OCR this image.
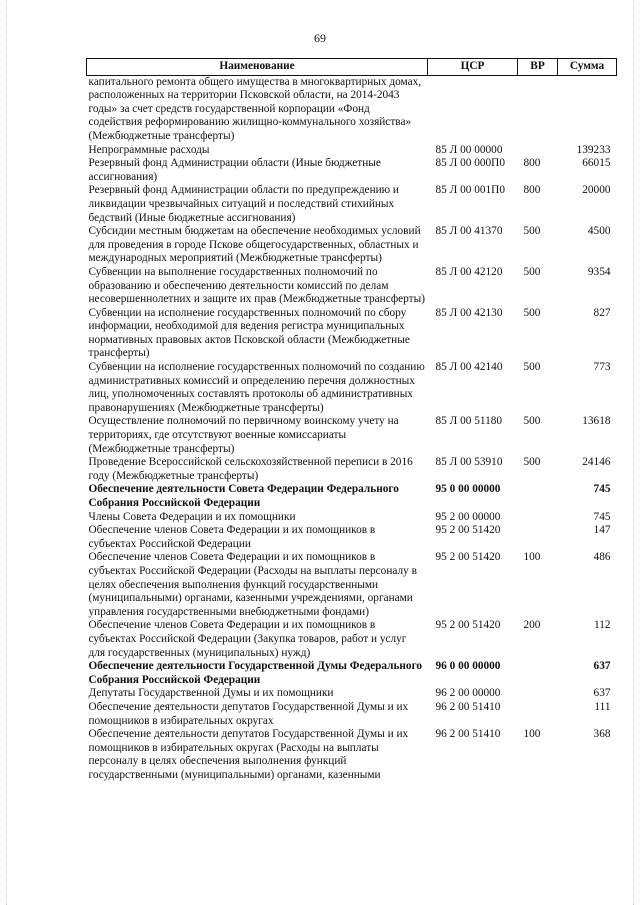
69
Наименование	ЦСР	ВР	Сумма
капитального ремонта общего имущества в многоквартирных домах, расположенных на территории Псковской области, на 2014-2043 годы» за счет средств государственной корпорации «Фонд содействия реформированию жилищно-коммунального хозяйства» (Межбюджетные трансферты)			
Непрограммные расходы	85 Л 00 00000		139233
Резервный фонд Администрации области (Иные бюджетные ассигнования)	85 Л 00 000П0	800	66015
Резервный фонд Администрации области по предупреждению и ликвидации чрезвычайных ситуаций и последствий стихийных бедствий (Иные бюджетные ассигнования)	85 Л 00 001П0	800	20000
Субсидии местным бюджетам на обеспечение необходимых условий для проведения в городе Пскове общегосударственных, областных и международных мероприятий (Межбюджетные трансферты)	85 Л 00 41370	500	4500
Субвенции на выполнение государственных полномочий по образованию и обеспечению деятельности комиссий по делам несовершеннолетних и защите их прав (Межбюджетные трансферты)	85 Л 00 42120	500	9354
Субвенции на исполнение государственных полномочий по сбору информации, необходимой для ведения регистра муниципальных нормативных правовых актов Псковской области (Межбюджетные трансферты)	85 Л 00 42130	500	827
Субвенции на исполнение государственных полномочий по созданию административных комиссий и определению перечня должностных лиц, уполномоченных составлять протоколы об административных правонарушениях (Межбюджетные трансферты)	85 Л 00 42140	500	773
Осуществление полномочий по первичному воинскому учету на территориях, где отсутствуют военные комиссариаты (Межбюджетные трансферты)	85 Л 00 51180	500	13618
Проведение Всероссийской сельскохозяйственной переписи в 2016 году (Межбюджетные трансферты)	85 Л 00 53910	500	24146
Обеспечение деятельности Совета Федерации Федерального Собрания Российской Федерации	95 0 00 00000		745
Члены Совета Федерации и их помощники	95 2 00 00000		745
Обеспечение членов Совета Федерации и их помощников в субъектах Российской Федерации	95 2 00 51420		147
Обеспечение членов Совета Федерации и их помощников в субъектах Российской Федерации (Расходы на выплаты персоналу в целях обеспечения выполнения функций государственными (муниципальными) органами, казенными учреждениями, органами управления государственными внебюджетными фондами)	95 2 00 51420	100	486
Обеспечение членов Совета Федерации и их помощников в субъектах Российской Федерации (Закупка товаров, работ и услуг для государственных (муниципальных) нужд)	95 2 00 51420	200	112
Обеспечение деятельности Государственной Думы Федерального Собрания Российской Федерации	96 0 00 00000		637
Депутаты Государственной Думы и их помощники	96 2 00 00000		637
Обеспечение деятельности депутатов Государственной Думы и их помощников в избирательных округах	96 2 00 51410		111
Обеспечение деятельности депутатов Государственной Думы и их помощников в избирательных округах (Расходы на выплаты персоналу в целях обеспечения выполнения функций государственными (муниципальными) органами, казенными	96 2 00 51410	100	368
